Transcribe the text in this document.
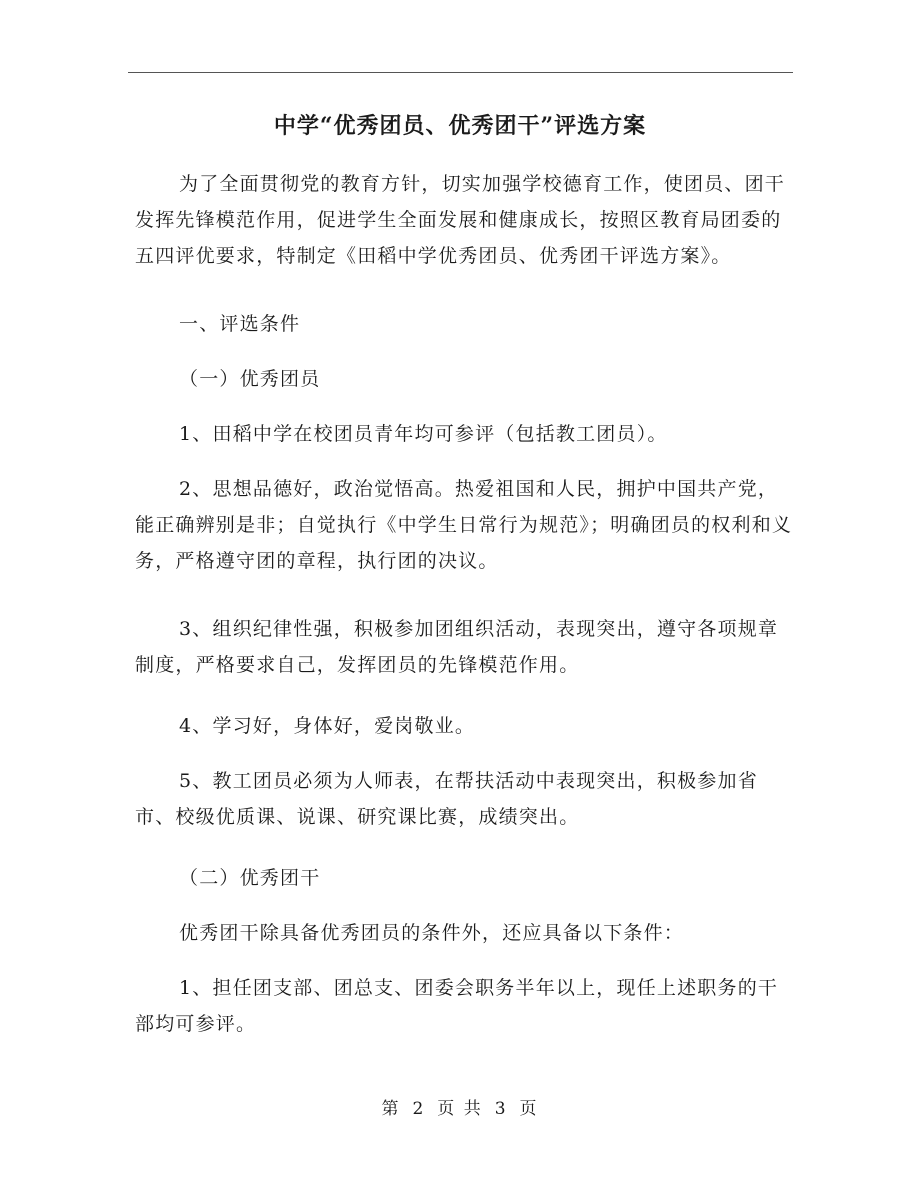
中学“优秀团员、优秀团干”评选方案

为了全面贯彻党的教育方针，切实加强学校德育工作，使团员、团干发挥先锋模范作用，促进学生全面发展和健康成长，按照区教育局团委的五四评优要求，特制定《田稻中学优秀团员、优秀团干评选方案》。

一、评选条件

（一）优秀团员

1、田稻中学在校团员青年均可参评（包括教工团员）。

2、思想品德好，政治觉悟高。热爱祖国和人民，拥护中国共产党，能正确辨别是非；自觉执行《中学生日常行为规范》；明确团员的权利和义务，严格遵守团的章程，执行团的决议。

3、组织纪律性强，积极参加团组织活动，表现突出，遵守各项规章制度，严格要求自己，发挥团员的先锋模范作用。

4、学习好，身体好，爱岗敬业。

5、教工团员必须为人师表，在帮扶活动中表现突出，积极参加省市、校级优质课、说课、研究课比赛，成绩突出。

（二）优秀团干

优秀团干除具备优秀团员的条件外，还应具备以下条件：

1、担任团支部、团总支、团委会职务半年以上，现任上述职务的干部均可参评。

第 2 页 共 3 页
